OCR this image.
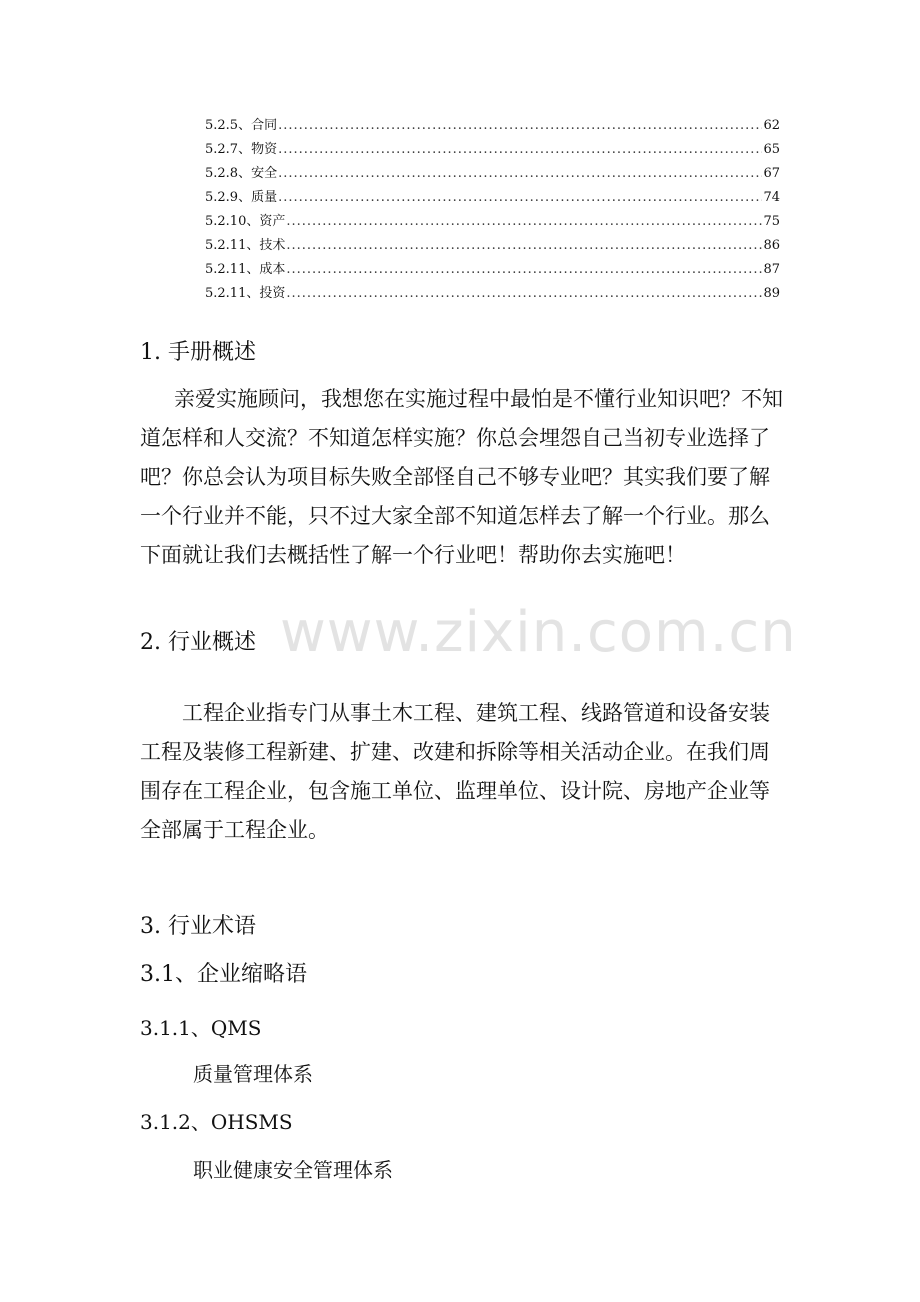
www.zixin.com.cn
5.2.5、 合同 .....	62
5.2.7、 物资 .....	65
5.2.8、 安全 .....	67
5.2.9、 质量 .....	74
5.2.10、 资产 .....	75
5.2.11、 技术 .....	86
5.2.11、 成本 .....	87
5.2.11、 投资 .....	89
1. 手册概述

亲爱实施顾问，我想您在实施过程中最怕是不懂行业知识吧？不知道怎样和人交流？不知道怎样实施？你总会埋怨自己当初专业选择了吧？你总会认为项目标失败全部怪自己不够专业吧？其实我们要了解一个行业并不能，只不过大家全部不知道怎样去了解一个行业。那么下面就让我们去概括性了解一个行业吧！帮助你去实施吧！

2. 行业概述

工程企业指专门从事土木工程、建筑工程、线路管道和设备安装工程及装修工程新建、扩建、改建和拆除等相关活动企业。在我们周围存在工程企业，包含施工单位、监理单位、设计院、房地产企业等全部属于工程企业。

3. 行业术语
3.1、企业缩略语
3.1.1、QMS
质量管理体系
3.1.2、OHSMS
职业健康安全管理体系
